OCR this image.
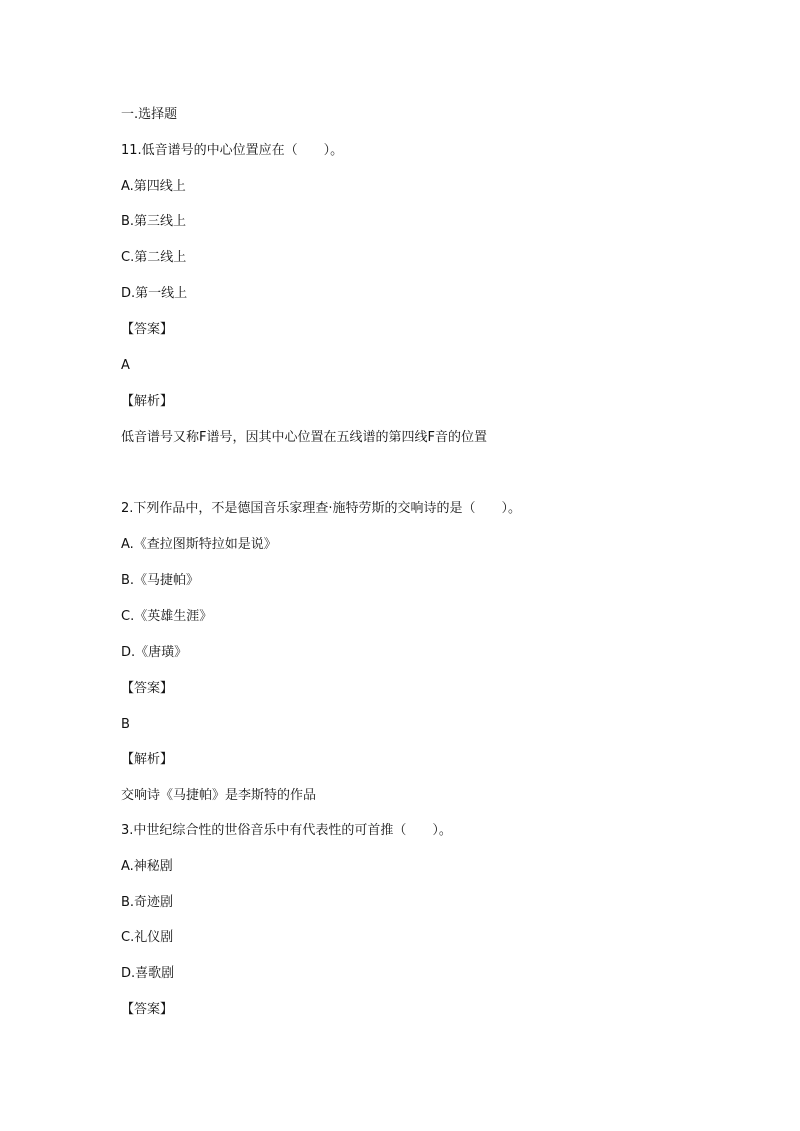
一.选择题
11.低音谱号的中心位置应在（　　）。
A.第四线上
B.第三线上
C.第二线上
D.第一线上
【答案】
A
【解析】
低音谱号又称F谱号，因其中心位置在五线谱的第四线F音的位置
2.下列作品中，不是德国音乐家理查·施特劳斯的交响诗的是（　　）。
A.《查拉图斯特拉如是说》
B.《马捷帕》
C.《英雄生涯》
D.《唐璜》
【答案】
B
【解析】
交响诗《马捷帕》是李斯特的作品
3.中世纪综合性的世俗音乐中有代表性的可首推（　　）。
A.神秘剧
B.奇迹剧
C.礼仪剧
D.喜歌剧
【答案】
